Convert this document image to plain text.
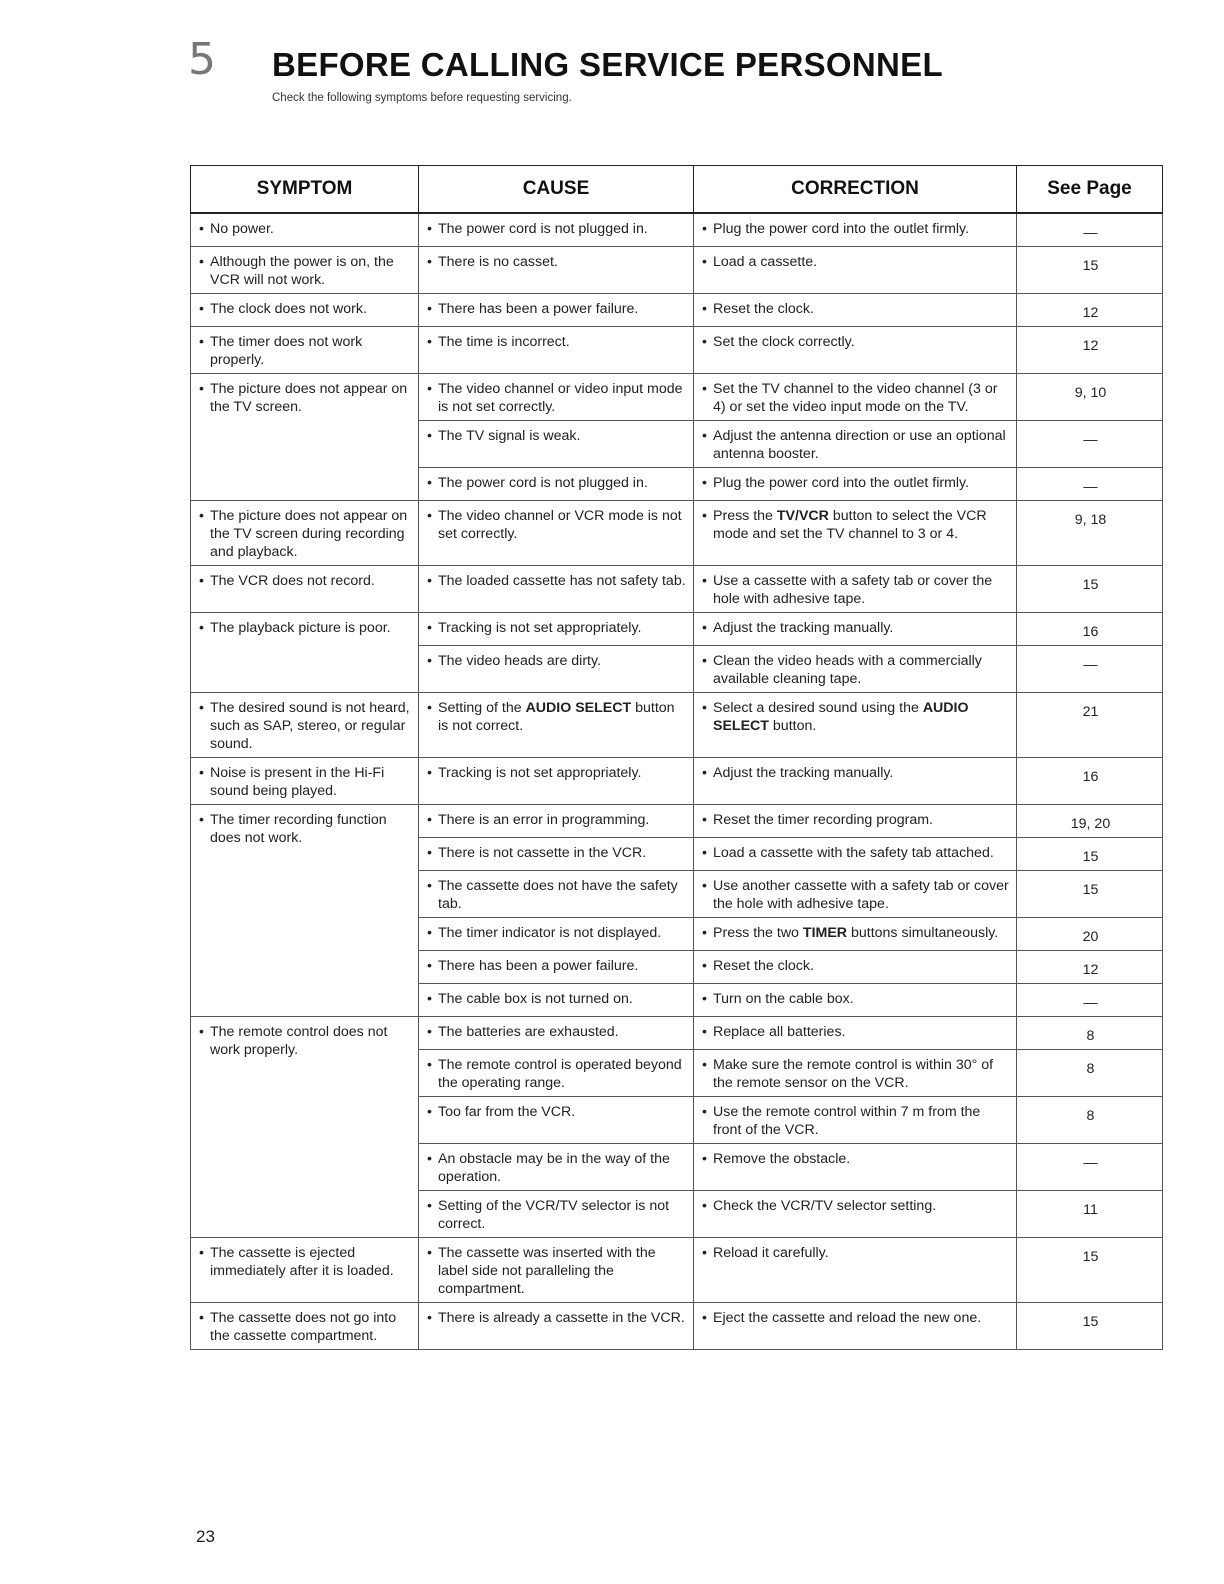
5 BEFORE CALLING SERVICE PERSONNEL
Check the following symptoms before requesting servicing.
SYMPTOM	CAUSE	CORRECTION	See Page

• No power.	• The power cord is not plugged in.	• Plug the power cord into the outlet firmly.	—

• Although the power is on, the VCR will not work.	• There is no casset.	• Load a cassette.	15

• The clock does not work.	• There has been a power failure.	• Reset the clock.	12

• The timer does not work properly.	• The time is incorrect.	• Set the clock correctly.	12

• The picture does not appear on the TV screen.	• The video channel or video input mode is not set correctly.	• Set the TV channel to the video channel (3 or 4) or set the video input mode on the TV.	9, 10

	• The TV signal is weak.	• Adjust the antenna direction or use an optional antenna booster.	—

	• The power cord is not plugged in.	• Plug the power cord into the outlet firmly.	—

• The picture does not appear on the TV screen during recording and playback.	• The video channel or VCR mode is not set correctly.	• Press the TV/VCR button to select the VCR mode and set the TV channel to 3 or 4.	9, 18

• The VCR does not record.	• The loaded cassette has not safety tab.	• Use a cassette with a safety tab or cover the hole with adhesive tape.	15

• The playback picture is poor.	• Tracking is not set appropriately.	• Adjust the tracking manually.	16

	• The video heads are dirty.	• Clean the video heads with a commercially available cleaning tape.	—

• The desired sound is not heard, such as SAP, stereo, or regular sound.	• Setting of the AUDIO SELECT button is not correct.	• Select a desired sound using the AUDIO SELECT button.	21

• Noise is present in the Hi-Fi sound being played.	• Tracking is not set appropriately.	• Adjust the tracking manually.	16

• The timer recording function does not work.	• There is an error in programming.	• Reset the timer recording program.	19, 20

	• There is not cassette in the VCR.	• Load a cassette with the safety tab attached.	15

	• The cassette does not have the safety tab.	• Use another cassette with a safety tab or cover the hole with adhesive tape.	15

	• The timer indicator is not displayed.	• Press the two TIMER buttons simultaneously.	20

	• There has been a power failure.	• Reset the clock.	12

	• The cable box is not turned on.	• Turn on the cable box.	—

• The remote control does not work properly.	• The batteries are exhausted.	• Replace all batteries.	8

	• The remote control is operated beyond the operating range.	• Make sure the remote control is within 30° of the remote sensor on the VCR.	8

	• Too far from the VCR.	• Use the remote control within 7 m from the front of the VCR.	8

	• An obstacle may be in the way of the operation.	• Remove the obstacle.	—

	• Setting of the VCR/TV selector is not correct.	• Check the VCR/TV selector setting.	11

• The cassette is ejected immediately after it is loaded.	• The cassette was inserted with the label side not paralleling the compartment.	• Reload it carefully.	15

• The cassette does not go into the cassette compartment.	• There is already a cassette in the VCR.	• Eject the cassette and reload the new one.	15
23
